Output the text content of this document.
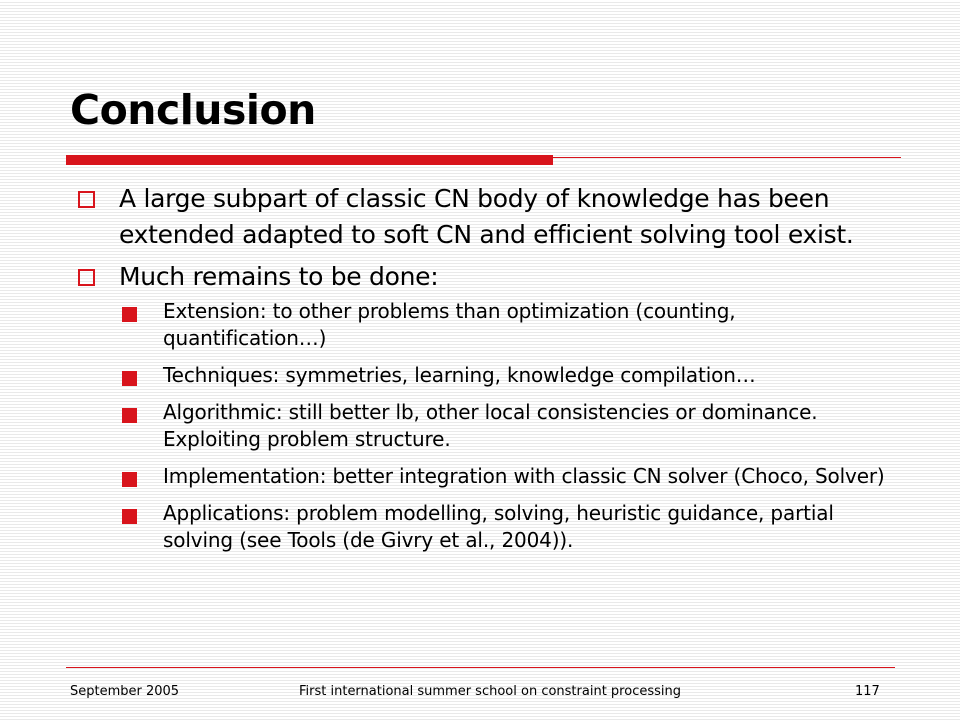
Conclusion
A large subpart of classic CN body of knowledge has been extended adapted to soft CN and efficient solving tool exist.
Much remains to be done:
Extension: to other problems than optimization (counting, quantification…)
Techniques: symmetries, learning, knowledge compilation…
Algorithmic: still better lb, other local consistencies or dominance. Exploiting problem structure.
Implementation: better integration with classic CN solver (Choco, Solver)
Applications: problem modelling, solving, heuristic guidance, partial solving (see Tools (de Givry et al., 2004)).
September 2005	First international summer school on constraint processing	117
